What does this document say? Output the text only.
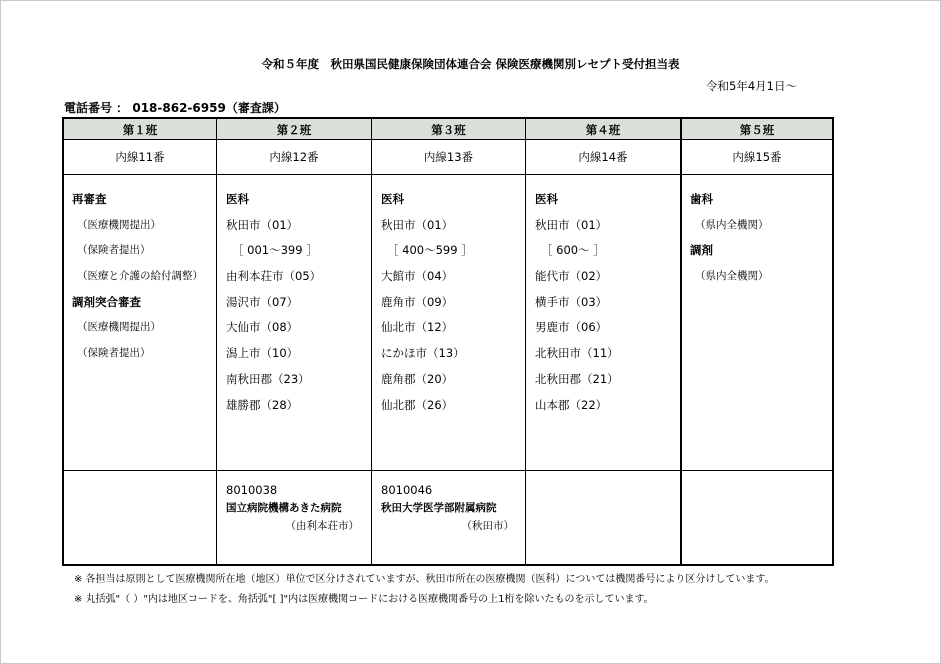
令和５年度　秋田県国民健康保険団体連合会 保険医療機関別レセプト受付担当表
令和5年4月1日～
電話番号 ： 018-862-6959（審査課）
第１班
内線11番
再審査
（医療機関提出）
（保険者提出）
（医療と介護の給付調整）
調剤突合審査
（医療機関提出）
（保険者提出）
第２班
内線12番
医科
秋田市（01）
［ 001～399 ］
由利本荘市（05）
湯沢市（07）
大仙市（08）
潟上市（10）
南秋田郡（23）
雄勝郡（28）
8010038
国立病院機構あきた病院
（由利本荘市）
第３班
内線13番
医科
秋田市（01）
［ 400～599 ］
大館市（04）
鹿角市（09）
仙北市（12）
にかほ市（13）
鹿角郡（20）
仙北郡（26）
8010046
秋田大学医学部附属病院
（秋田市）
第４班
内線14番
医科
秋田市（01）
［ 600～ ］
能代市（02）
横手市（03）
男鹿市（06）
北秋田市（11）
北秋田郡（21）
山本郡（22）
第５班
内線15番
歯科
（県内全機関）
調剤
（県内全機関）
※ 各担当は原則として医療機関所在地（地区）単位で区分けされていますが、秋田市所在の医療機関（医科）については機関番号により区分けしています。
※ 丸括弧"（ ）"内は地区コードを、角括弧"[ ]"内は医療機関コードにおける医療機関番号の上1桁を除いたものを示しています。
